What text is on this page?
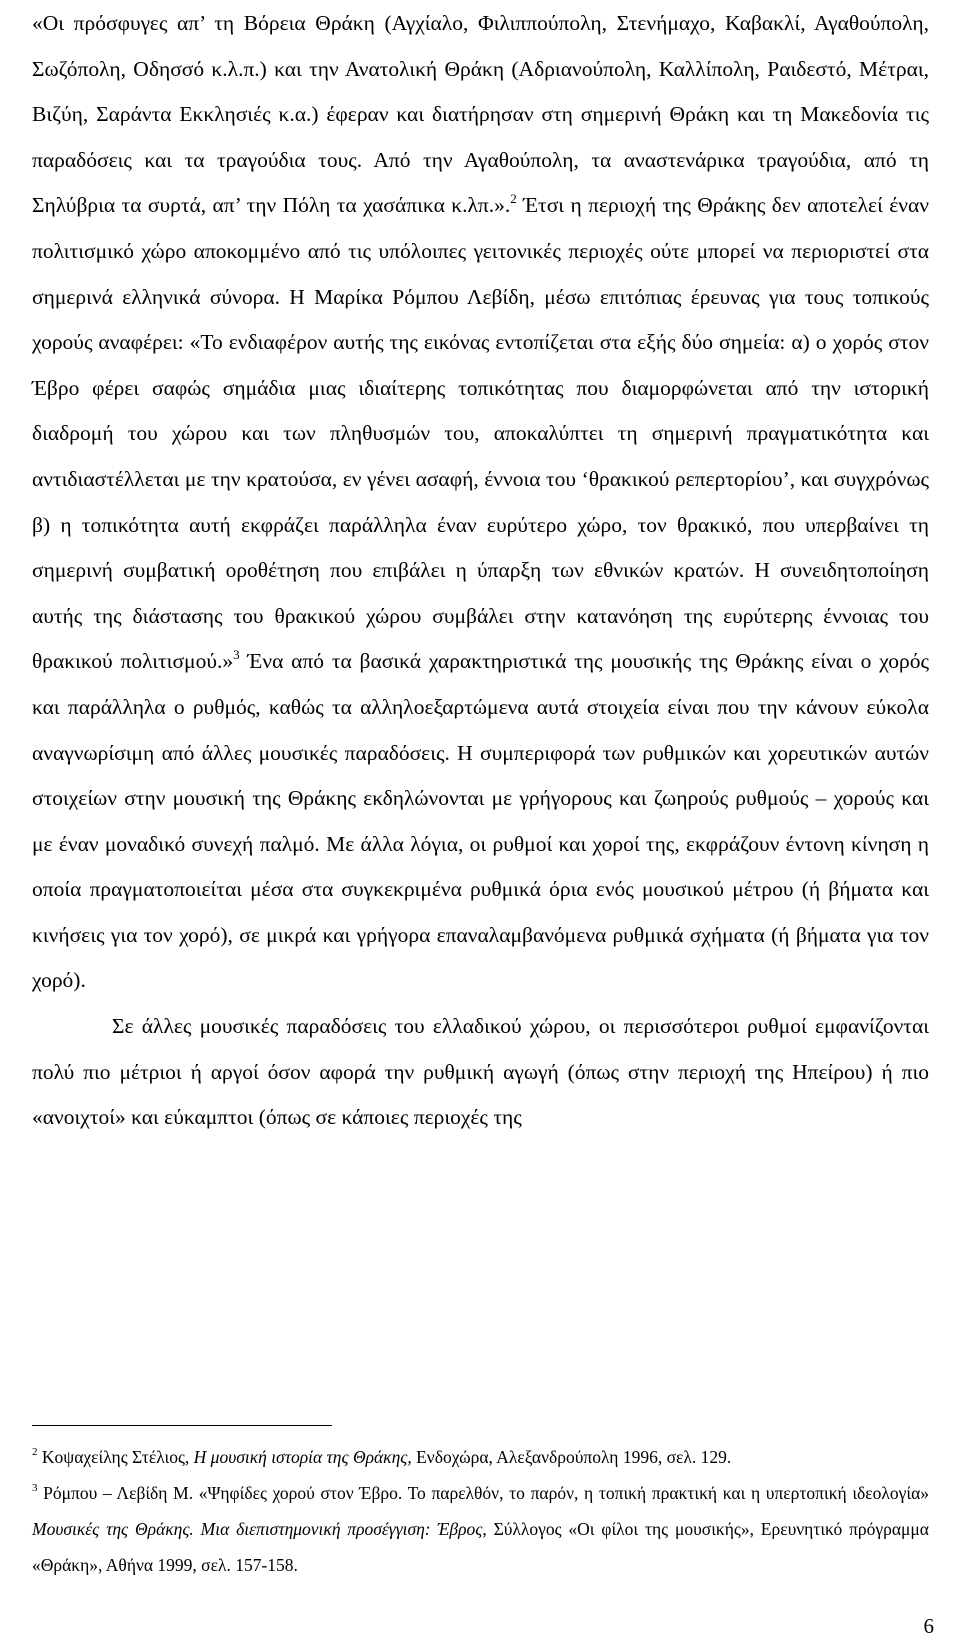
«Οι πρόσφυγες απ’ τη Βόρεια Θράκη (Αγχίαλο, Φιλιππούπολη, Στενήμαχο, Καβακλί, Αγαθούπολη, Σωζόπολη, Οδησσό κ.λ.π.) και την Ανατολική Θράκη (Αδριανούπολη, Καλλίπολη, Ραιδεστό, Μέτραι, Βιζύη, Σαράντα Εκκλησιές κ.α.) έφεραν και διατήρησαν στη σημερινή Θράκη και τη Μακεδονία τις παραδόσεις και τα τραγούδια τους. Από την Αγαθούπολη, τα αναστενάρικα τραγούδια, από τη Σηλύβρια τα συρτά, απ’ την Πόλη τα χασάπικα κ.λπ.».$^2$ Έτσι η περιοχή της Θράκης δεν αποτελεί έναν πολιτισμικό χώρο αποκομμένο από τις υπόλοιπες γειτονικές περιοχές ούτε μπορεί να περιοριστεί στα σημερινά ελληνικά σύνορα. Η Μαρίκα Ρόμπου Λεβίδη, μέσω επιτόπιας έρευνας για τους τοπικούς χορούς αναφέρει: «Το ενδιαφέρον αυτής της εικόνας εντοπίζεται στα εξής δύο σημεία: α) ο χορός στον Έβρο φέρει σαφώς σημάδια μιας ιδιαίτερης τοπικότητας που διαμορφώνεται από την ιστορική διαδρομή του χώρου και των πληθυσμών του, αποκαλύπτει τη σημερινή πραγματικότητα και αντιδιαστέλλεται με την κρατούσα, εν γένει ασαφή, έννοια του ‘θρακικού ρεπερτορίου’, και συγχρόνως β) η τοπικότητα αυτή εκφράζει παράλληλα έναν ευρύτερο χώρο, τον θρακικό, που υπερβαίνει τη σημερινή συμβατική οροθέτηση που επιβάλει η ύπαρξη των εθνικών κρατών. Η συνειδητοποίηση αυτής της διάστασης του θρακικού χώρου συμβάλει στην κατανόηση της ευρύτερης έννοιας του θρακικού πολιτισμού.»$^3$ Ένα από τα βασικά χαρακτηριστικά της μουσικής της Θράκης είναι ο χορός και παράλληλα ο ρυθμός, καθώς τα αλληλοεξαρτώμενα αυτά στοιχεία είναι που την κάνουν εύκολα αναγνωρίσιμη από άλλες μουσικές παραδόσεις. Η συμπεριφορά των ρυθμικών και χορευτικών αυτών στοιχείων στην μουσική της Θράκης εκδηλώνονται με γρήγορους και ζωηρούς ρυθμούς – χορούς και με έναν μοναδικό συνεχή παλμό. Με άλλα λόγια, οι ρυθμοί και χοροί της, εκφράζουν έντονη κίνηση η οποία πραγματοποιείται μέσα στα συγκεκριμένα ρυθμικά όρια ενός μουσικού μέτρου (ή βήματα και κινήσεις για τον χορό), σε μικρά και γρήγορα επαναλαμβανόμενα ρυθμικά σχήματα (ή βήματα για τον χορό).

Σε άλλες μουσικές παραδόσεις του ελλαδικού χώρου, οι περισσότεροι ρυθμοί εμφανίζονται πολύ πιο μέτριοι ή αργοί όσον αφορά την ρυθμική αγωγή (όπως στην περιοχή της Ηπείρου) ή πιο «ανοιχτοί» και εύκαμπτοι (όπως σε κάποιες περιοχές της

$^2$ Κοψαχείλης Στέλιος, Η μουσική ιστορία της Θράκης, Ενδοχώρα, Αλεξανδρούπολη 1996, σελ. 129.

$^3$ Ρόμπου – Λεβίδη Μ. «Ψηφίδες χορού στον Έβρο. Το παρελθόν, το παρόν, η τοπική πρακτική και η υπερτοπική ιδεολογία» Μουσικές της Θράκης. Μια διεπιστημονική προσέγγιση: Έβρος, Σύλλογος «Οι φίλοι της μουσικής», Ερευνητικό πρόγραμμα «Θράκη», Αθήνα 1999, σελ. 157-158.

6
